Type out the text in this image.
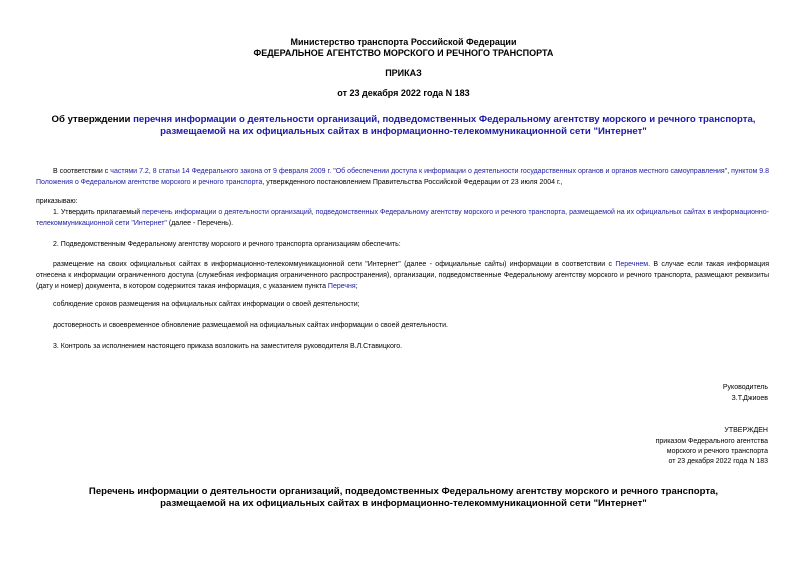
Министерство транспорта Российской Федерации
ФЕДЕРАЛЬНОЕ АГЕНТСТВО МОРСКОГО И РЕЧНОГО ТРАНСПОРТА
ПРИКАЗ
от 23 декабря 2022 года N 183
Об утверждении перечня информации о деятельности организаций, подведомственных Федеральному агентству морского и речного транспорта, размещаемой на их официальных сайтах в информационно-телекоммуникационной сети "Интернет"
В соответствии с частями 7.2, 8 статьи 14 Федерального закона от 9 февраля 2009 г. "Об обеспечении доступа к информации о деятельности государственных органов и органов местного самоуправления", пунктом 9.8 Положения о Федеральном агентстве морского и речного транспорта, утвержденного постановлением Правительства Российской Федерации от 23 июля 2004 г.,
приказываю:
1. Утвердить прилагаемый перечень информации о деятельности организаций, подведомственных Федеральному агентству морского и речного транспорта, размещаемой на их официальных сайтах в информационно-телекоммуникационной сети "Интернет" (далее - Перечень).
2. Подведомственным Федеральному агентству морского и речного транспорта организациям обеспечить:
размещение на своих официальных сайтах в информационно-телекоммуникационной сети "Интернет" (далее - официальные сайты) информации в соответствии с Перечнем. В случае если такая информация отнесена к информации ограниченного доступа (служебная информация ограниченного распространения), организации, подведомственные Федеральному агентству морского и речного транспорта, размещают реквизиты (дату и номер) документа, в котором содержится такая информация, с указанием пункта Перечня;
соблюдение сроков размещения на официальных сайтах информации о своей деятельности;
достоверность и своевременное обновление размещаемой на официальных сайтах информации о своей деятельности.
3. Контроль за исполнением настоящего приказа возложить на заместителя руководителя В.Л.Ставицкого.
Руководитель
З.Т.Джиоев
УТВЕРЖДЕН
приказом Федерального агентства
морского и речного транспорта
от 23 декабря 2022 года N 183
Перечень информации о деятельности организаций, подведомственных Федеральному агентству морского и речного транспорта, размещаемой на их официальных сайтах в информационно-телекоммуникационной сети "Интернет"
